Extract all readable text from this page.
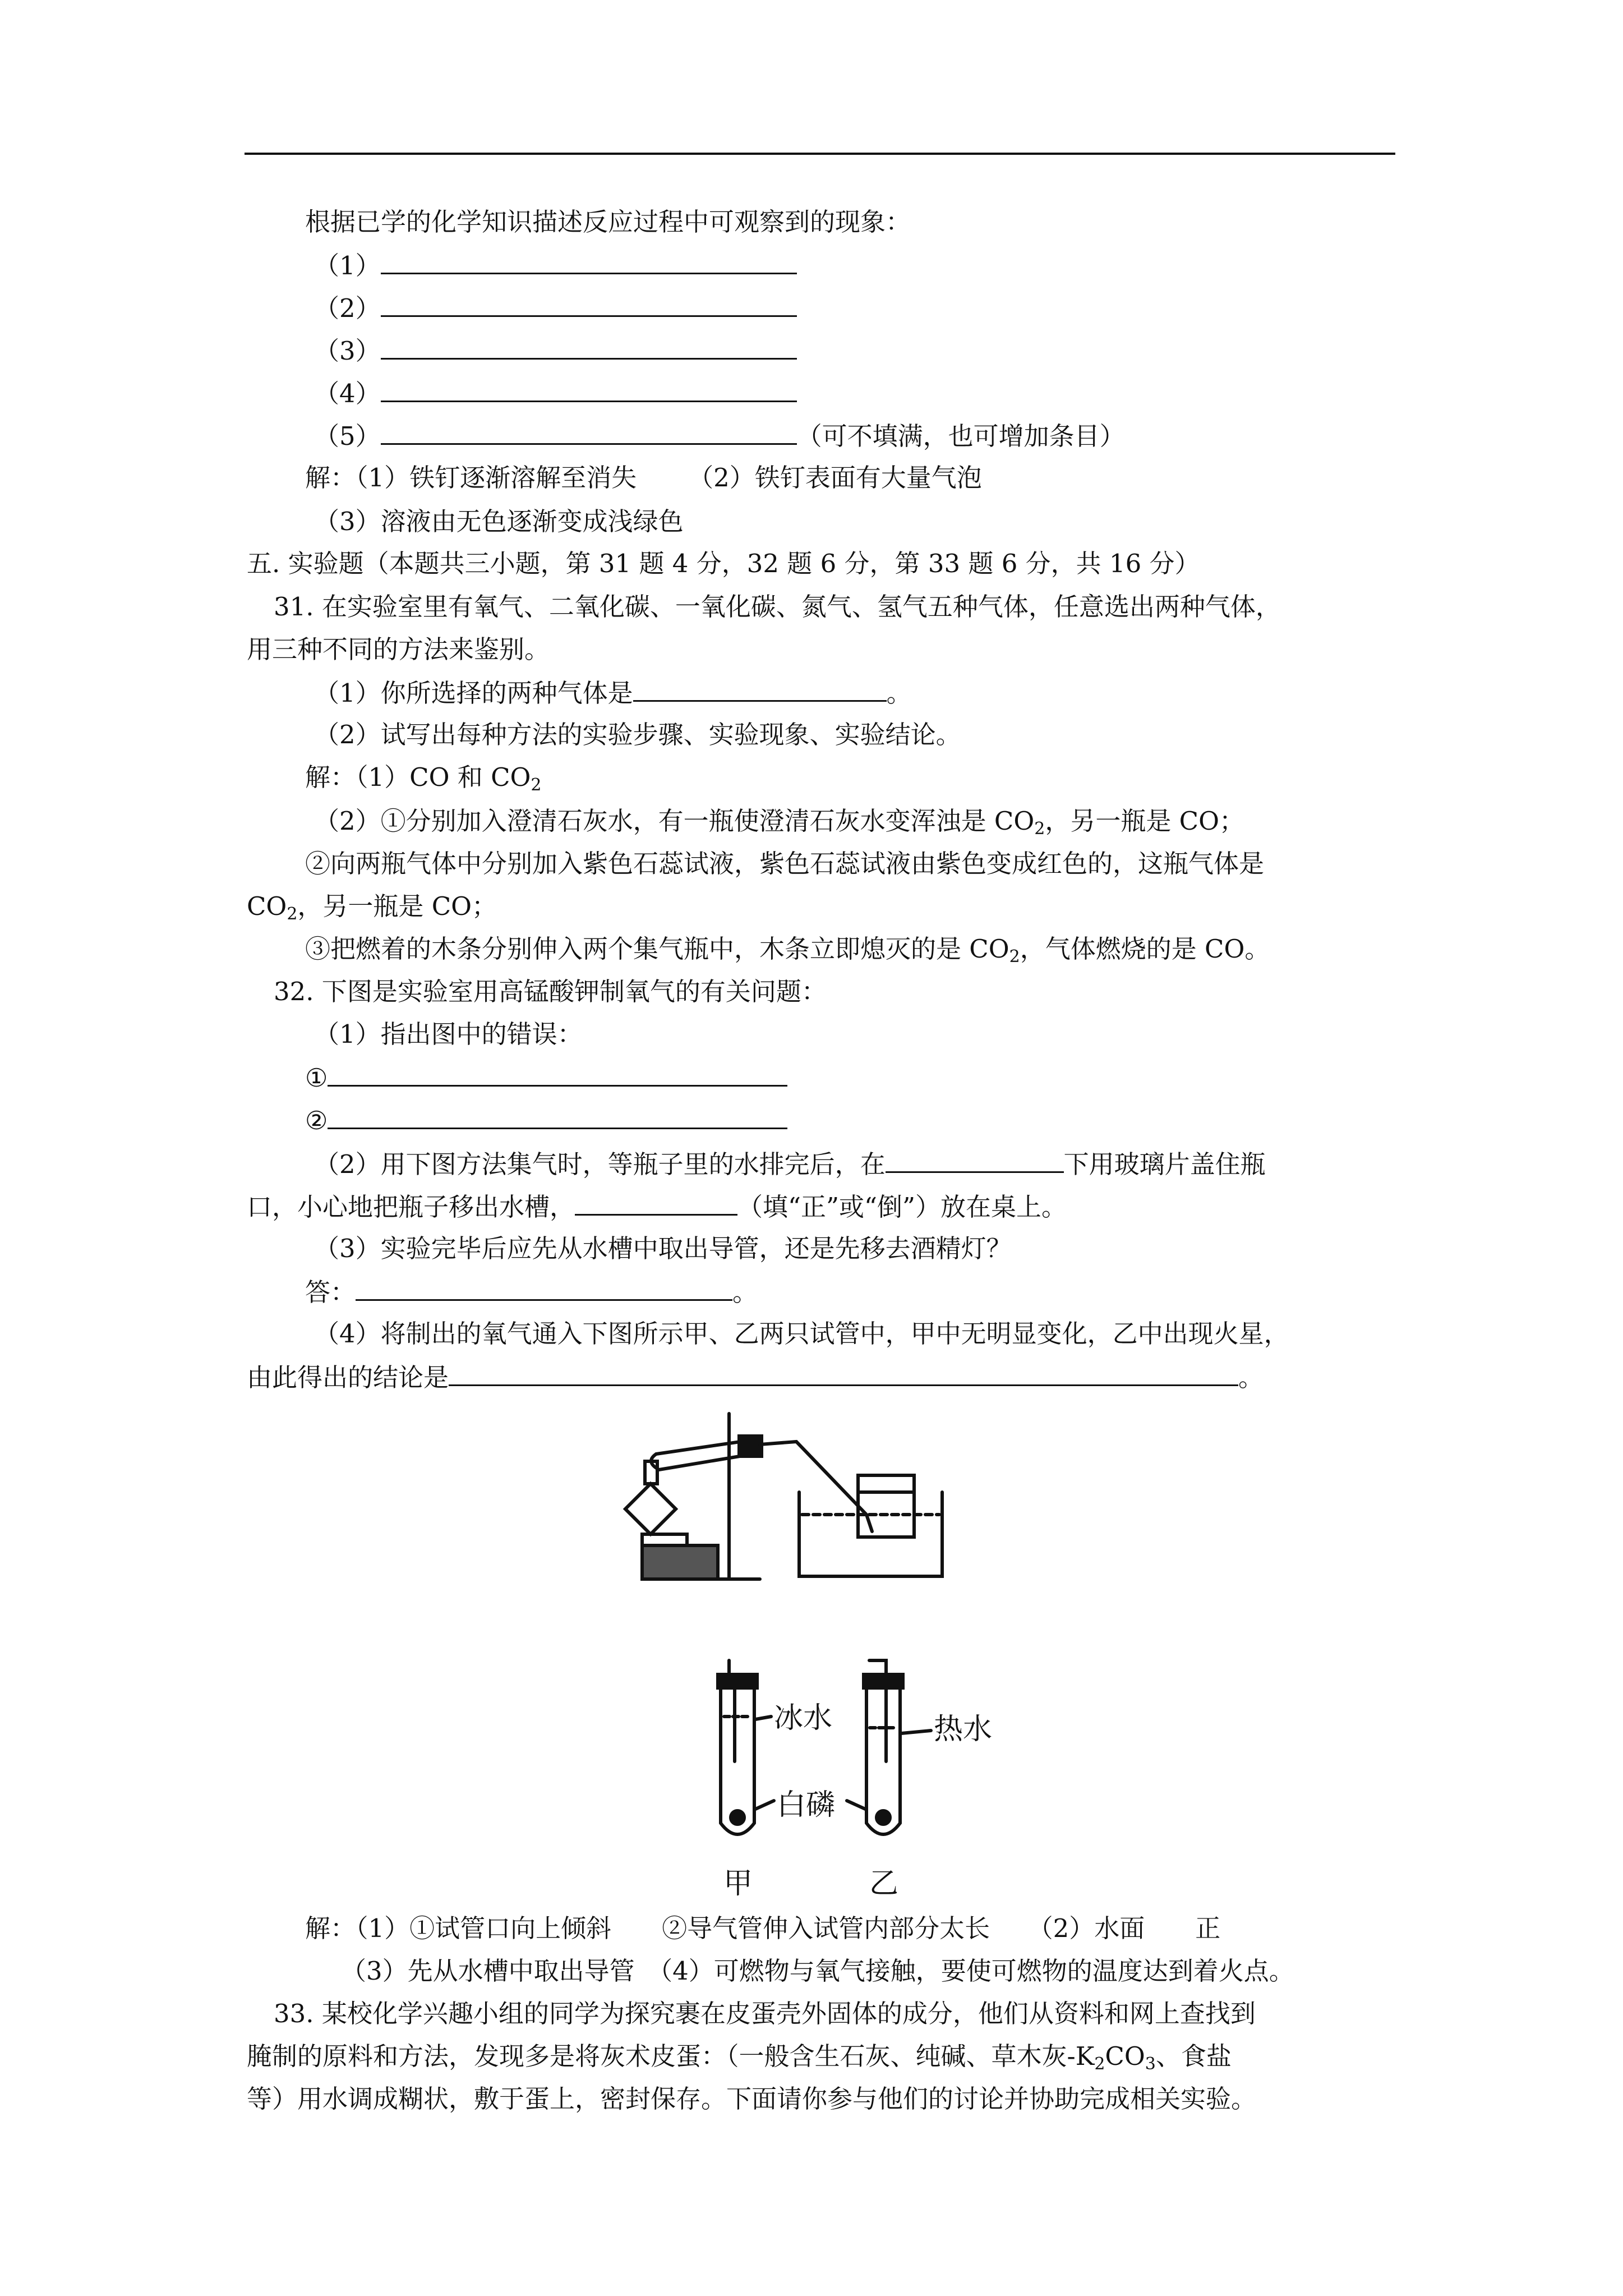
根据已学的化学知识描述反应过程中可观察到的现象：
（1）
（2）
（3）
（4）
（5）	（可不填满，也可增加条目）
解：（1）铁钉逐渐溶解至消失 （2）铁钉表面有大量气泡
（3）溶液由无色逐渐变成浅绿色
五. 实验题（本题共三小题，第 31 题 4 分，32 题 6 分，第 33 题 6 分，共 16 分）
31. 在实验室里有氧气、二氧化碳、一氧化碳、氮气、氢气五种气体，任意选出两种气体，
用三种不同的方法来鉴别。
（1）你所选择的两种气体是	。
（2）试写出每种方法的实验步骤、实验现象、实验结论。
解：（1）CO 和 $CO_2$
（2）①分别加入澄清石灰水，有一瓶使澄清石灰水变浑浊是 $CO_2$，另一瓶是 CO；
②向两瓶气体中分别加入紫色石蕊试液，紫色石蕊试液由紫色变成红色的，这瓶气体是
$CO_2$，另一瓶是 CO；
③把燃着的木条分别伸入两个集气瓶中，木条立即熄灭的是 $CO_2$，气体燃烧的是 CO。
32. 下图是实验室用高锰酸钾制氧气的有关问题：
（1）指出图中的错误：
①
②
（2）用下图方法集气时，等瓶子里的水排完后，在	下用玻璃片盖住瓶
口，小心地把瓶子移出水槽，	（填“正”或“倒”）放在桌上。
（3）实验完毕后应先从水槽中取出导管，还是先移去酒精灯？
答：	。
（4）将制出的氧气通入下图所示甲、乙两只试管中，甲中无明显变化，乙中出现火星，
由此得出的结论是	。
冰水	热水
白磷
甲	乙
解：（1）①试管口向上倾斜　　②导气管伸入试管内部分太长　　（2）水面　　正
（3）先从水槽中取出导管　（4）可燃物与氧气接触，要使可燃物的温度达到着火点。
33. 某校化学兴趣小组的同学为探究裹在皮蛋壳外固体的成分，他们从资料和网上查找到
腌制的原料和方法，发现多是将灰术皮蛋：（一般含生石灰、纯碱、草木灰$-K_2CO_3$、食盐
等）用水调成糊状，敷于蛋上，密封保存。下面请你参与他们的讨论并协助完成相关实验。
